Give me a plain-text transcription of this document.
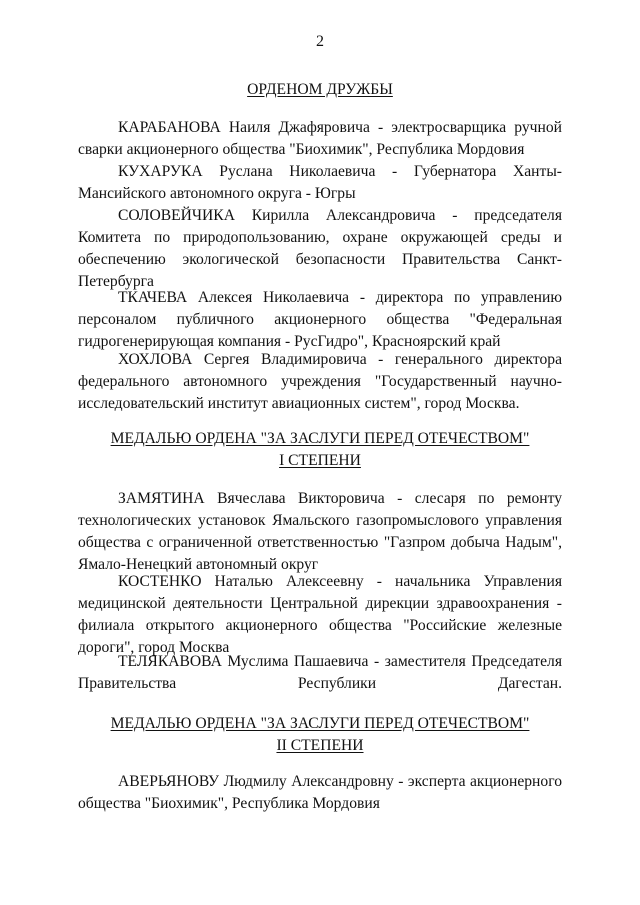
2
ОРДЕНОМ ДРУЖБЫ

КАРАБАНОВА Наиля Джафяровича - электросварщика ручной сварки акционерного общества "Биохимик", Республика Мордовия

КУХАРУКА Руслана Николаевича - Губернатора Ханты-Мансийского автономного округа - Югры

СОЛОВЕЙЧИКА Кирилла Александровича - председателя Комитета по природопользованию, охране окружающей среды и обеспечению экологической безопасности Правительства Санкт-Петербурга

ТКАЧЕВА Алексея Николаевича - директора по управлению персоналом публичного акционерного общества "Федеральная гидрогенерирующая компания - РусГидро", Красноярский край

ХОХЛОВА Сергея Владимировича - генерального директора федерального автономного учреждения "Государственный научно-исследовательский институт авиационных систем", город Москва.

МЕДАЛЬЮ ОРДЕНА "ЗА ЗАСЛУГИ ПЕРЕД ОТЕЧЕСТВОМ"
I СТЕПЕНИ

ЗАМЯТИНА Вячеслава Викторовича - слесаря по ремонту технологических установок Ямальского газопромыслового управления общества с ограниченной ответственностью "Газпром добыча Надым", Ямало-Ненецкий автономный округ

КОСТЕНКО Наталью Алексеевну - начальника Управления медицинской деятельности Центральной дирекции здравоохранения - филиала открытого акционерного общества "Российские железные дороги", город Москва

ТЕЛЯКАВОВА Муслима Пашаевича - заместителя Председателя Правительства Республики Дагестан.

МЕДАЛЬЮ ОРДЕНА "ЗА ЗАСЛУГИ ПЕРЕД ОТЕЧЕСТВОМ"
II СТЕПЕНИ

АВЕРЬЯНОВУ Людмилу Александровну - эксперта акционерного общества "Биохимик", Республика Мордовия
